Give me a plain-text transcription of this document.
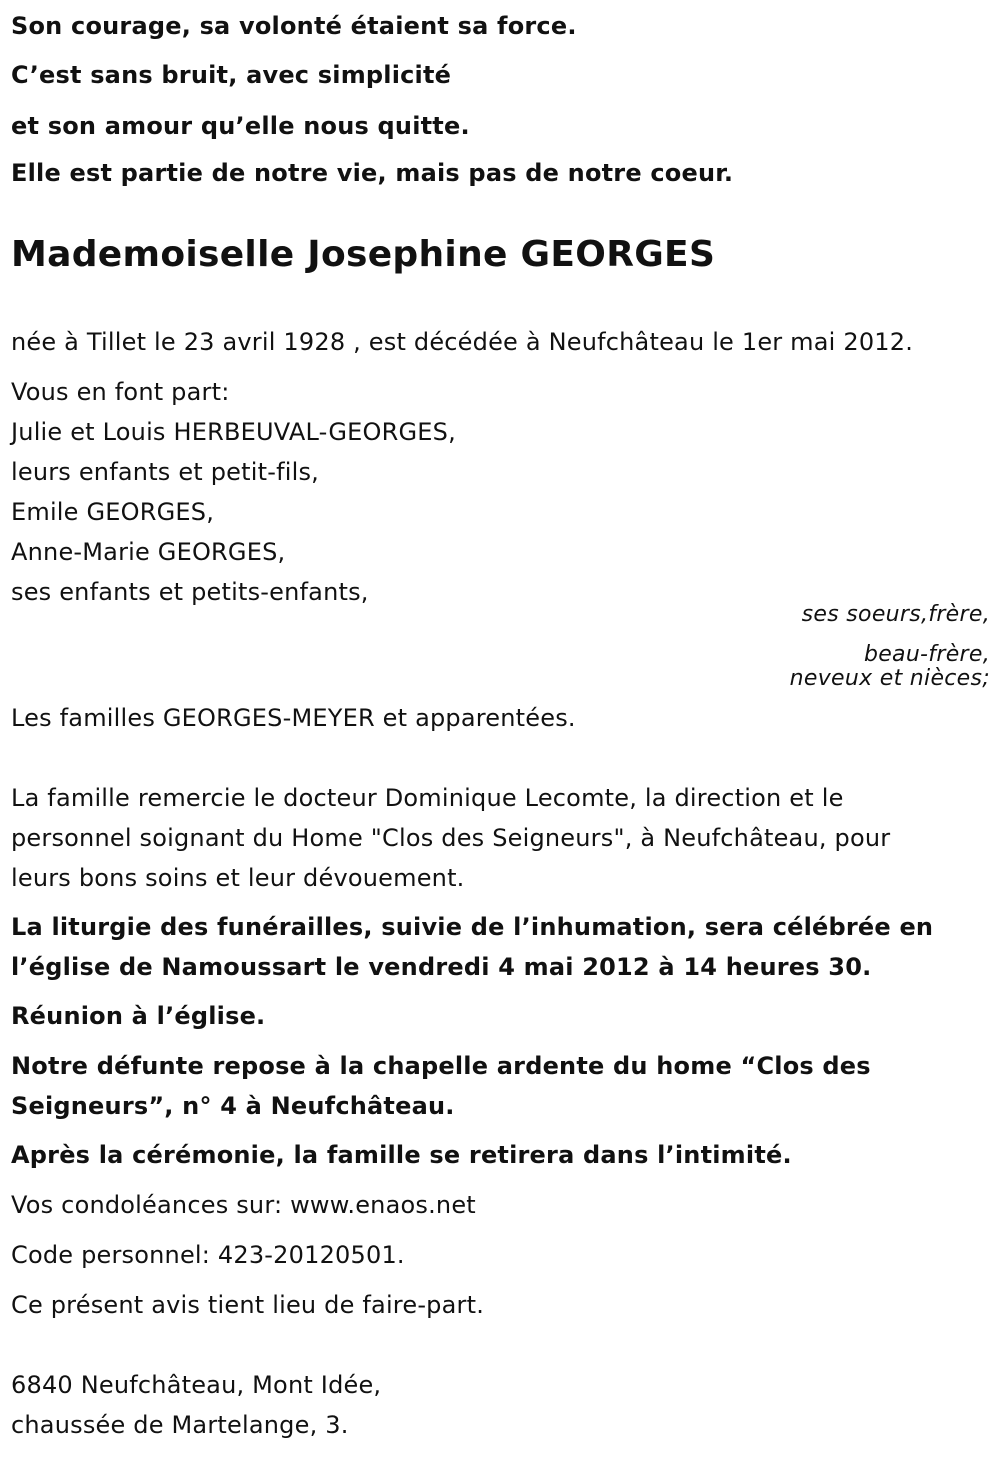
Son courage, sa volonté étaient sa force.
C’est sans bruit, avec simplicité
et son amour qu’elle nous quitte.
Elle est partie de notre vie, mais pas de notre coeur.
Mademoiselle Josephine GEORGES
née à Tillet le 23 avril 1928 , est décédée à Neufchâteau le 1er mai 2012.
Vous en font part:
Julie et Louis HERBEUVAL-GEORGES,
leurs enfants et petit-fils,
Emile GEORGES,
Anne-Marie GEORGES,
ses enfants et petits-enfants,
ses soeurs,frère,
beau-frère,
neveux et nièces;
Les familles GEORGES-MEYER et apparentées.
La famille remercie le docteur Dominique Lecomte, la direction et le
personnel soignant du Home "Clos des Seigneurs", à Neufchâteau, pour
leurs bons soins et leur dévouement.
La liturgie des funérailles, suivie de l’inhumation, sera célébrée en
l’église de Namoussart le vendredi 4 mai 2012 à 14 heures 30.
Réunion à l’église.
Notre défunte repose à la chapelle ardente du home “Clos des
Seigneurs”, n° 4 à Neufchâteau.
Après la cérémonie, la famille se retirera dans l’intimité.
Vos condoléances sur: www.enaos.net
Code personnel: 423-20120501.
Ce présent avis tient lieu de faire-part.
6840 Neufchâteau, Mont Idée,
chaussée de Martelange, 3.
